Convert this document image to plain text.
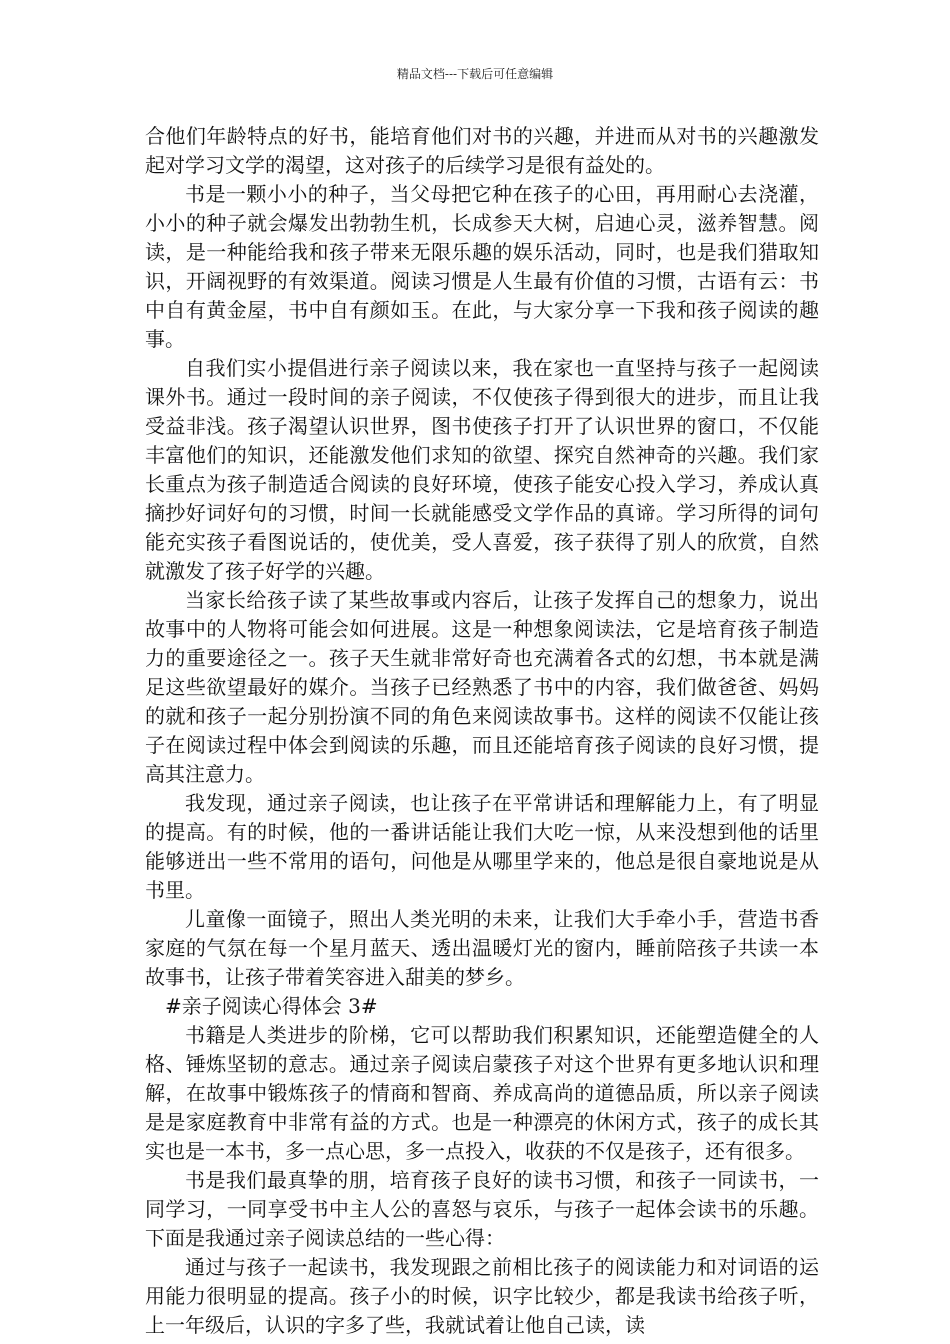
精品文档---下载后可任意编辑

合他们年龄特点的好书，能培育他们对书的兴趣，并进而从对书的兴趣激发起对学习文学的渴望，这对孩子的后续学习是很有益处的。

书是一颗小小的种子，当父母把它种在孩子的心田，再用耐心去浇灌，小小的种子就会爆发出勃勃生机，长成参天大树，启迪心灵，滋养智慧。阅读，是一种能给我和孩子带来无限乐趣的娱乐活动，同时，也是我们猎取知识，开阔视野的有效渠道。阅读习惯是人生最有价值的习惯，古语有云：书中自有黄金屋，书中自有颜如玉。在此，与大家分享一下我和孩子阅读的趣事。

自我们实小提倡进行亲子阅读以来，我在家也一直坚持与孩子一起阅读课外书。通过一段时间的亲子阅读，不仅使孩子得到很大的进步，而且让我受益非浅。孩子渴望认识世界，图书使孩子打开了认识世界的窗口，不仅能丰富他们的知识，还能激发他们求知的欲望、探究自然神奇的兴趣。我们家长重点为孩子制造适合阅读的良好环境，使孩子能安心投入学习，养成认真摘抄好词好句的习惯，时间一长就能感受文学作品的真谛。学习所得的词句能充实孩子看图说话的，使优美，受人喜爱，孩子获得了别人的欣赏，自然就激发了孩子好学的兴趣。

当家长给孩子读了某些故事或内容后，让孩子发挥自己的想象力，说出故事中的人物将可能会如何进展。这是一种想象阅读法，它是培育孩子制造力的重要途径之一。孩子天生就非常好奇也充满着各式的幻想，书本就是满足这些欲望最好的媒介。当孩子已经熟悉了书中的内容，我们做爸爸、妈妈的就和孩子一起分别扮演不同的角色来阅读故事书。这样的阅读不仅能让孩子在阅读过程中体会到阅读的乐趣，而且还能培育孩子阅读的良好习惯，提高其注意力。

我发现，通过亲子阅读，也让孩子在平常讲话和理解能力上，有了明显的提高。有的时候，他的一番讲话能让我们大吃一惊，从来没想到他的话里能够迸出一些不常用的语句，问他是从哪里学来的，他总是很自豪地说是从书里。

儿童像一面镜子，照出人类光明的未来，让我们大手牵小手，营造书香家庭的气氛在每一个星月蓝天、透出温暖灯光的窗内，睡前陪孩子共读一本故事书，让孩子带着笑容进入甜美的梦乡。

#亲子阅读心得体会 3#

书籍是人类进步的阶梯，它可以帮助我们积累知识，还能塑造健全的人格、锤炼坚韧的意志。通过亲子阅读启蒙孩子对这个世界有更多地认识和理解，在故事中锻炼孩子的情商和智商、养成高尚的道德品质，所以亲子阅读是是家庭教育中非常有益的方式。也是一种漂亮的休闲方式，孩子的成长其实也是一本书，多一点心思，多一点投入，收获的不仅是孩子，还有很多。

书是我们最真挚的朋，培育孩子良好的读书习惯，和孩子一同读书，一同学习，一同享受书中主人公的喜怒与哀乐，与孩子一起体会读书的乐趣。下面是我通过亲子阅读总结的一些心得：

通过与孩子一起读书，我发现跟之前相比孩子的阅读能力和对词语的运用能力很明显的提高。孩子小的时候，识字比较少，都是我读书给孩子听，上一年级后，认识的字多了些，我就试着让他自己读，读
